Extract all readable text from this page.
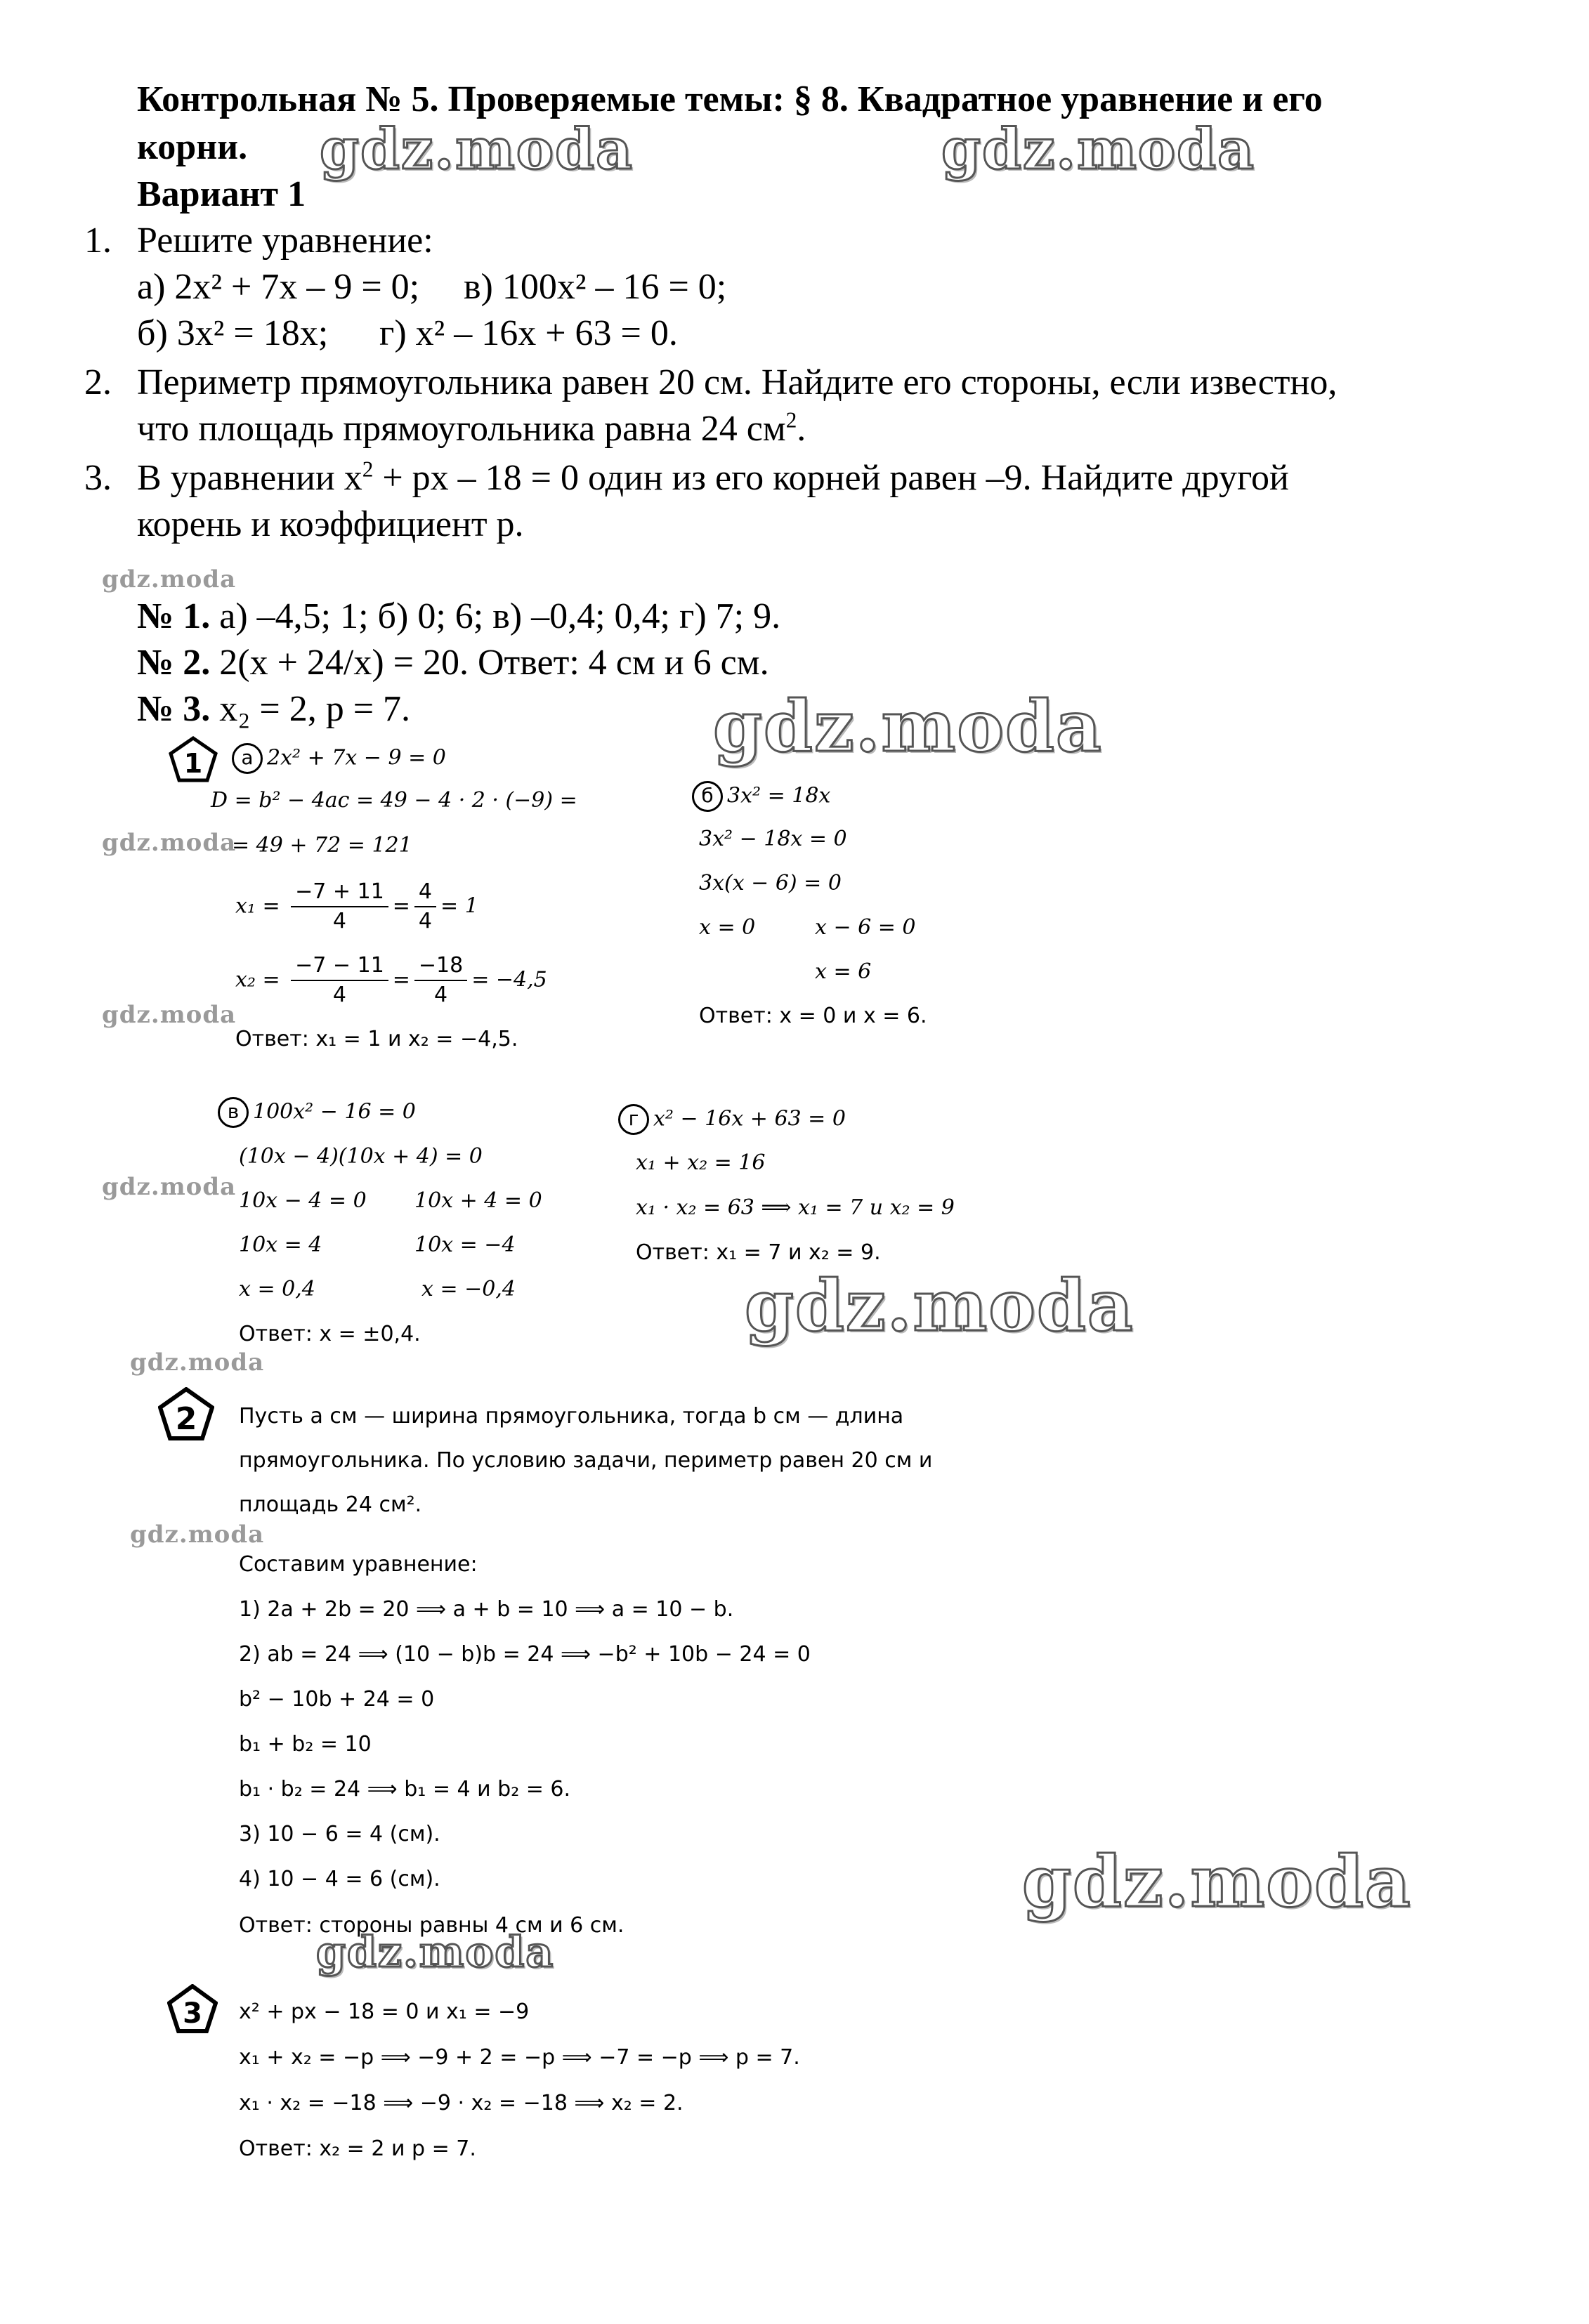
gdz.moda	gdz.moda
gdz.moda
gdz.moda
gdz.moda
gdz.moda
gdz.moda
gdz.moda
gdz.moda
gdz.moda
gdz.moda
gdz.moda
Контрольная № 5. Проверяемые темы: § 8. Квадратное уравнение и его
корни.
Вариант 1
1. Решите уравнение:
а) 2x² + 7x – 9 = 0; в) 100x² – 16 = 0;
б) 3x² = 18x; г) x² – 16x + 63 = 0.
2. Периметр прямоугольника равен 20 см. Найдите его стороны, если известно,
что площадь прямоугольника равна 24 $см^2$.
3. В уравнении $x^2$ + px – 18 = 0 один из его корней равен –9. Найдите другой
корень и коэффициент p.
№ 1. а) –4,5; 1; б) 0; 6; в) –0,4; 0,4; г) 7; 9.
№ 2. 2(x + 24/x) = 20. Ответ: 4 см и 6 см.
№ 3. x₂ = 2, p = 7.
1	а 2x² + 7x − 9 = 0
D = b² − 4ac = 49 − 4 · 2 · (−9) =
= 49 + 72 = 121
$x_1 = \frac{-7 + 11}{4} = \frac{4}{4} = 1$
$x_2 = \frac{-7 - 11}{4} = \frac{-18}{4} = -4,5$
Ответ: x₁ = 1 и x₂ = −4,5.
б 3x² = 18x
3x² − 18x = 0
3x(x − 6) = 0
x = 0	x − 6 = 0
x = 6
Ответ: x = 0 и x = 6.
в 100x² − 16 = 0
(10x − 4)(10x + 4) = 0
10x − 4 = 0 10x + 4 = 0
10x = 4	10x = −4
x = 0,4	x = −0,4
Ответ: x = ±0,4.
г x² − 16x + 63 = 0
x₁ + x₂ = 16
x₁ · x₂ = 63 ⟹ x₁ = 7 и x₂ = 9
Ответ: x₁ = 7 и x₂ = 9.
2 Пусть a см — ширина прямоугольника, тогда b см — длина
прямоугольника. По условию задачи, периметр равен 20 см и
площадь 24 см².
Составим уравнение:
1) 2a + 2b = 20 ⟹ a + b = 10 ⟹ a = 10 − b.
2) ab = 24 ⟹ (10 − b)b = 24 ⟹ −b² + 10b − 24 = 0
b² − 10b + 24 = 0
b₁ + b₂ = 10
b₁ · b₂ = 24 ⟹ b₁ = 4 и b₂ = 6.
3) 10 − 6 = 4 (см).
4) 10 − 4 = 6 (см).
Ответ: стороны равны 4 см и 6 см.
3 x² + px − 18 = 0 и x₁ = −9
x₁ + x₂ = −p ⟹ −9 + 2 = −p ⟹ −7 = −p ⟹ p = 7.
x₁ · x₂ = −18 ⟹ −9 · x₂ = −18 ⟹ x₂ = 2.
Ответ: x₂ = 2 и p = 7.
